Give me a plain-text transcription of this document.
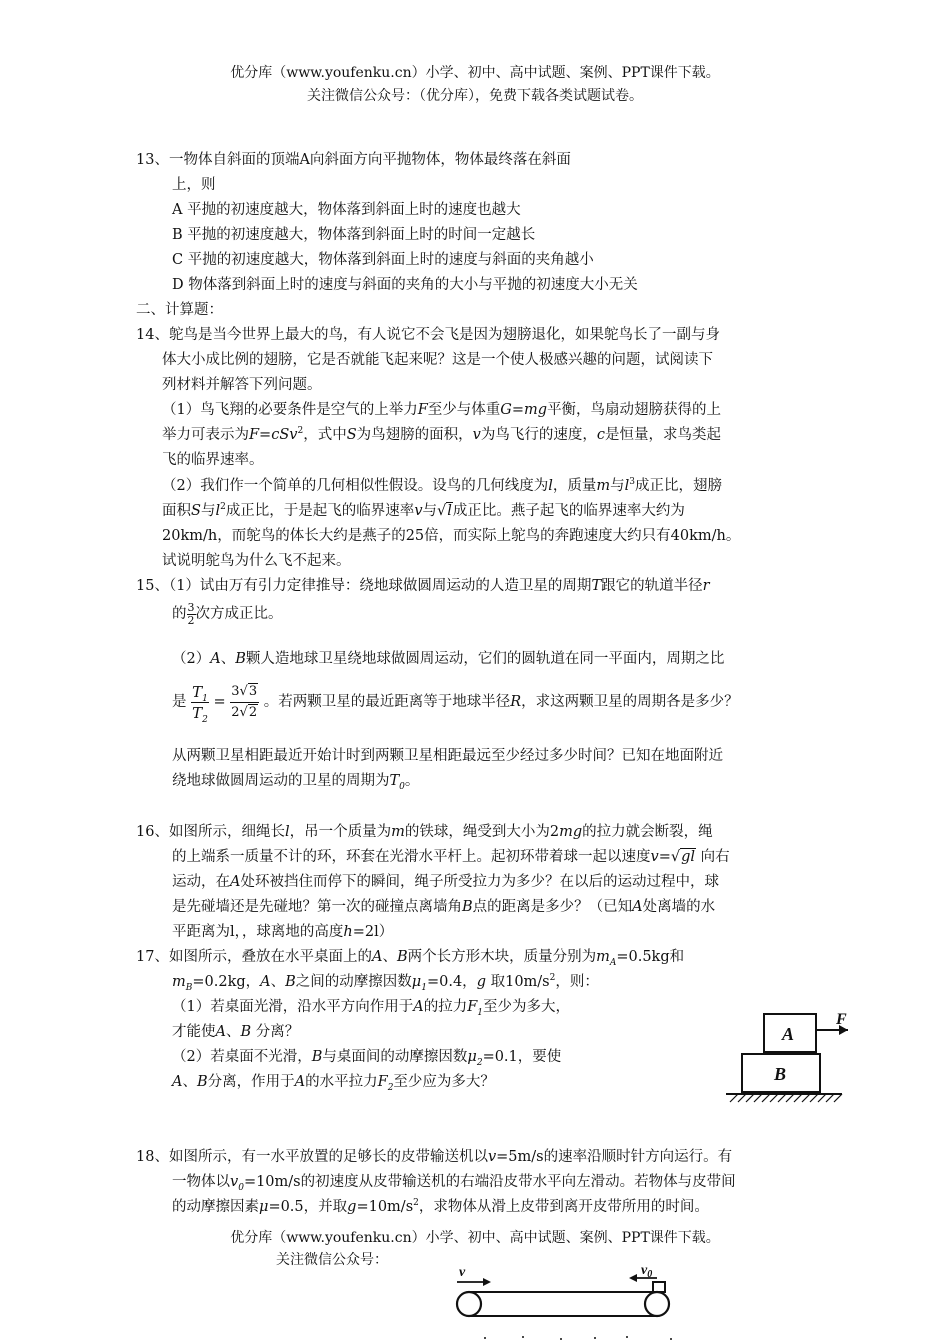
优分库（www.youfenku.cn）小学、初中、高中试题、案例、PPT课件下载。
关注微信公众号：（优分库），免费下载各类试题试卷。
13、一物体自斜面的顶端A向斜面方向平抛物体，物体最终落在斜面
上，则
A 平抛的初速度越大，物体落到斜面上时的速度也越大
B 平抛的初速度越大，物体落到斜面上时的时间一定越长
C 平抛的初速度越大，物体落到斜面上时的速度与斜面的夹角越小
D 物体落到斜面上时的速度与斜面的夹角的大小与平抛的初速度大小无关
二、计算题：
14、鸵鸟是当今世界上最大的鸟，有人说它不会飞是因为翅膀退化，如果鸵鸟长了一副与身
体大小成比例的翅膀，它是否就能飞起来呢？这是一个使人极感兴趣的问题，试阅读下
列材料并解答下列问题。
（1）鸟飞翔的必要条件是空气的上举力F至少与体重G=mg平衡，鸟扇动翅膀获得的上
举力可表示为F=cSv$^2$，式中S为鸟翅膀的面积，v为鸟飞行的速度，c是恒量，求鸟类起
飞的临界速率。
（2）我们作一个简单的几何相似性假设。设鸟的几何线度为l，质量m与$l^3$成正比，翅膀
面积S与$l^2$成正比，于是起飞的临界速率v与√l成正比。燕子起飞的临界速率大约为
20km/h，而鸵鸟的体长大约是燕子的25倍，而实际上鸵鸟的奔跑速度大约只有40km/h。
试说明鸵鸟为什么飞不起来。
15、（1）试由万有引力定律推导：绕地球做圆周运动的人造卫星的周期T跟它的轨道半径r
的 $\frac{3}{2}$ 次方成正比。
（2）A、B颗人造地球卫星绕地球做圆周运动，它们的圆轨道在同一平面内，周期之比
是 $\frac{T_1}{T_2} = \frac{3√3}{2√2}$ 。若两颗卫星的最近距离等于地球半径R，求这两颗卫星的周期各是多少？
从两颗卫星相距最近开始计时到两颗卫星相距最远至少经过多少时间？已知在地面附近
绕地球做圆周运动的卫星的周期为$T_0$。
16、如图所示，细绳长l，吊一个质量为m的铁球，绳受到大小为2mg的拉力就会断裂，绳
的上端系一质量不计的环，环套在光滑水平杆上。起初环带着球一起以速度v=√gl 向右
运动，在A处环被挡住而停下的瞬间，绳子所受拉力为多少？在以后的运动过程中，球
是先碰墙还是先碰地？第一次的碰撞点离墙角B点的距离是多少？（已知A处离墙的水
平距离为l，，球离地的高度h=2l）
17、如图所示，叠放在水平桌面上的A、B两个长方形木块，质量分别为$m_A=0.5kg$和
$m_B=0.2kg$，A、B之间的动摩擦因数$\mu_1=0.4$，g 取$10m/s^2$，则：
（1）若桌面光滑，沿水平方向作用于A的拉力$F_1$至少为多大，
才能使A、B 分离？
（2）若桌面不光滑，B与桌面间的动摩擦因数$\mu_2=0.1$，要使
A、B分离，作用于A的水平拉力$F_2$至少应为多大？
A
B
F
18、如图所示，有一水平放置的足够长的皮带输送机以v=5m/s的速率沿顺时针方向运行。有
一物体以$v_0=10m/s$的初速度从皮带输送机的右端沿皮带水平向左滑动。若物体与皮带间
的动摩擦因素μ=0.5，并取$g=10m/s^2$，求物体从滑上皮带到离开皮带所用的时间。
优分库（www.youfenku.cn）小学、初中、高中试题、案例、PPT课件下载。
关注微信公众号：
v	$v_0$
